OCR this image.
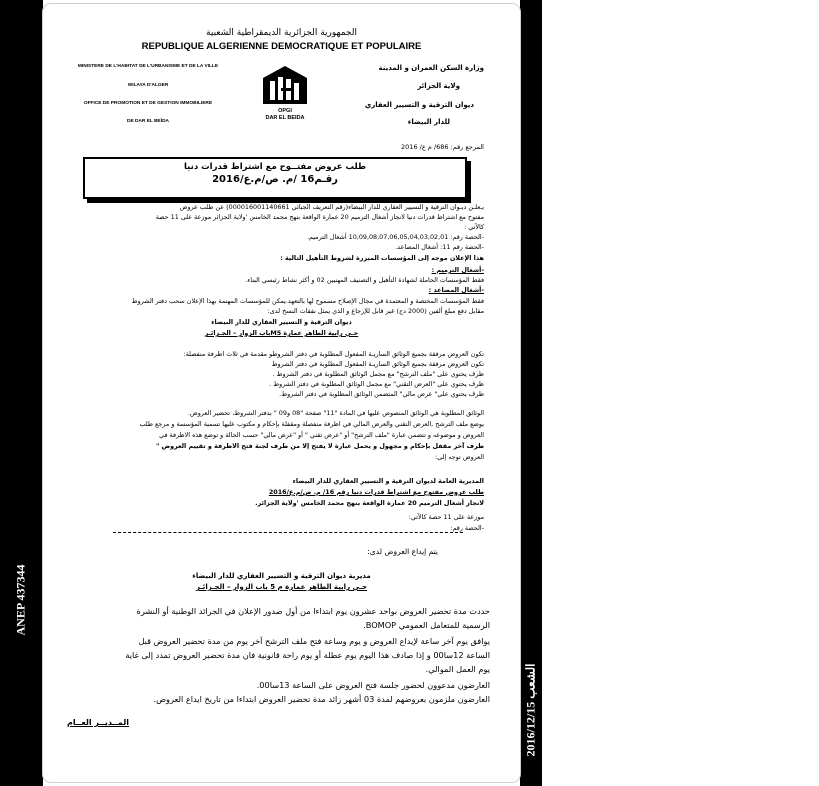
ANEP 437344
الشعب 2016/12/15
الجمهورية الجزائرية الديمقراطية الشعبية
REPUBLIQUE ALGERIENNE DEMOCRATIQUE ET POPULAIRE
MINISTERE DE L'HABITAT DE L'URBANISME ET DE LA VILLE
WILAYA D'ALGER
OFFICE DE PROMOTION ET DE GESTION IMMOBILIERE
DE DAR EL BEÏDA
وزارة السكن العمران و المدينة
ولاية الجزائر
ديوان الترقية و التسيير العقاري
للدار البيضاء
OPGI
DAR EL BEIDA
المرجع رقم: 686/ م ع/ 2016
طلب عروض مفتــوح مع اشتراط قدرات دنيا
رقـم16 /م. ص/م.ع/2016
يـعلـن ديـوان الترقية و التسيير العقاري للدار البيضاء(رقم التعريف الجبائي 000016001140661) عن طلب عروض
مفتوح مع اشتراط قدرات دنيا لانجاز أشغال الترميم 20 عمارة الواقعة بنهج محمد الخامس 'ولاية الجزائر موزعة على 11 حصة
كالآتي :
-الحصة رقم: 10,09,08,07,06,05,04,03,02,01 أشغال الترميم.
-الحصة رقم 11: أشغال المصاعد.
هذا الإعلان موجه إلى المؤسسات المبررة لشروط التأهيل التالية :
-أشغال الترميم :
فقط المؤسسات الحاملة لشهادة التأهيل و التصنيف المهنيين 02 و أكثر نشاط رئيسي البناء.
-أشغال المصاعد :
فقط المؤسسات المختصة و المعتمدة في مجال الإصلاح مسموح لها بالتعهد.يمكن للمؤسسات المهتمة بهذا الإعلان سحب دفتر الشروط
مقابل دفع مبلغ ألفين (2000 دج) غير قابل للإرجاع و الذي يمثل نفقات النسخ لدى:
ديوان الترقية و التسيير العقاري للدار البيضاء
حـي رابية الطاهر عمارة M5باب الزوار – الجـزائـر
تكون العروض مرفقة بجميع الوثائق الساريـة المفعول المطلوبة في دفتر الشروطو مقدمة في ثلاث اظرفة منفصلة:
تكون العروض مرفقة بجميع الوثائق الساريـة المفعول المطلوبة في دفتر الشروط
ظرف يحتوي على "ملف الترشح" مع مجمل الوثائق المطلوبة في دفتر الشروط .
ظرف يحتوي على "العرض التقني" مع مجمل الوثائق المطلوبة في دفتر الشروط .
ظرف يحتوي على" عرض مالي" المتضمن الوثائق المطلوبة في دفتر الشروط.
الوثائق المطلوبة هي الوثائق المنصوص عليها في المادة "11" صفحة "08 و09 " بدفتر الشروط، تحضير العروض.
يوضع ملف الترشح ,العرض التقني والعرض المالي في اظرفة منفصلة ومقفلة بإحكام و مكتوب عليها تسمية المؤسسة و مرجع طلب
العروض و موضوعه و تتضمن عبارة "ملف الترشح" أو "عرض تقني " أو "عرض مالي" حسب الحالة و توضع هذه الاظرفة في
ظرف آخر مقفل بإحكام و مجهول و يحمل عبارة لا يفتح إلا من طرف لجنة فتح الاظرفة و تقييم العروض "
العروض توجه إلى:
المديرية العامة لديوان الترقية و التسيير العقاري للدار البيضاء
طلب عروض مفتوح مع اشتراط قدرات دنيا رقم 16/ م. ص/م.ع/2016
لانجاز أشغال الترميم 20 عمارة الواقعة بنهج محمد الخامس 'ولاية الجزائر.
موزعة على 11 حصة كالآتي:
-الحصة رقم:
يتم إيداع العروض لدى:
مديرية ديوان الترقية و التسيير العقاري للدار البيضاء
حـي رابية الطاهر عمارة م 5 باب الزوار – الجـزائـر
حددت مدة تحضير العروض بواحد عشرون يوم ابتداءا من أول صدور الإعلان في الجرائد الوطنية أو النشرة
الرسمية للمتعامل العمومي BOMOP.
يوافق يوم آخر ساعة لإيداع العروض و يوم وساعة فتح ملف الترشح آخر يوم من مدة تحضير العروض قبل
الساعة 12سا00 و إذا صادف هذا اليوم يوم عطلة أو يوم راحة قانونية فان مدة تحضير العروض تمدد إلى غاية
يوم العمل الموالي.
العارضون مدعوون لحضور جلسة فتح العروض على الساعة 13سا00.
العارضون ملزمون بعروضهم لمدة 03 أشهر زائد مدة تحضير العروض ابتداءا من تاريخ ايداع العروض.
المــديــر العــام
